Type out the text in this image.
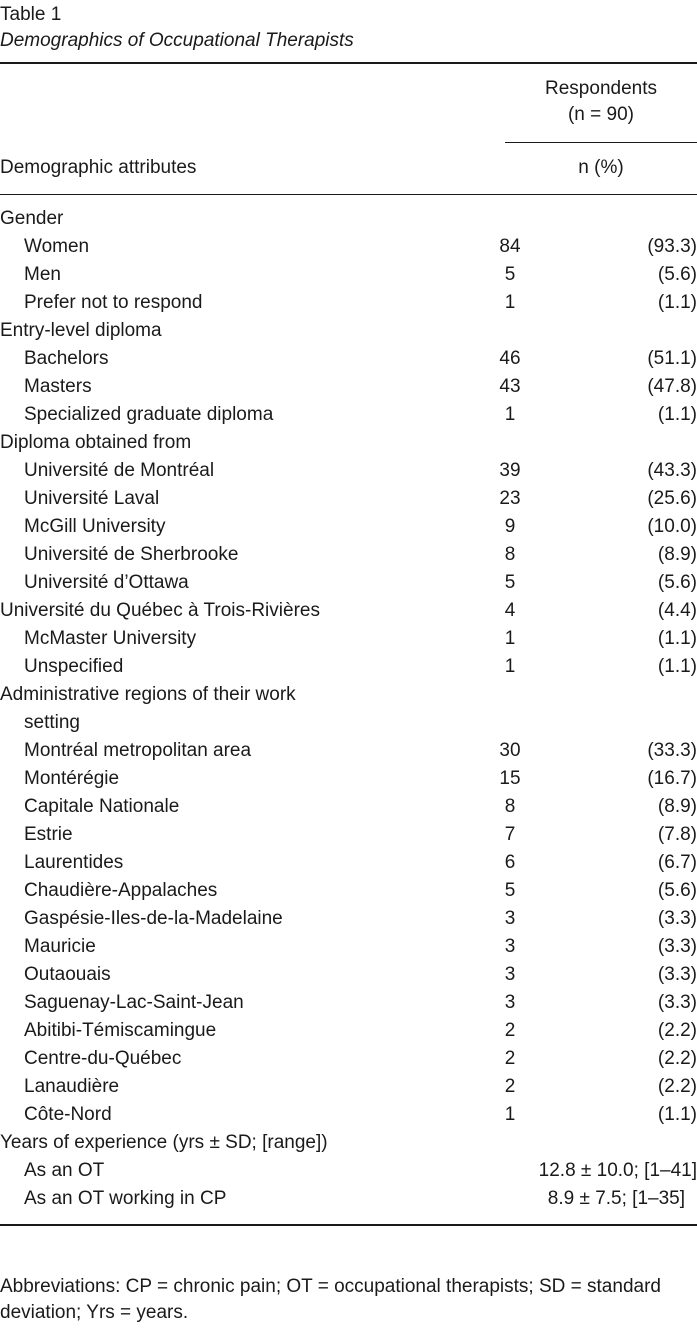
Table 1
Demographics of Occupational Therapists
Respondents
(n = 90)
Demographic attributes	n (%)
Gender
Women	84	(93.3)
Men	5	(5.6)
Prefer not to respond	1	(1.1)
Entry-level diploma
Bachelors	46	(51.1)
Masters	43	(47.8)
Specialized graduate diploma	1	(1.1)
Diploma obtained from
Université de Montréal	39	(43.3)
Université Laval	23	(25.6)
McGill University	9	(10.0)
Université de Sherbrooke	8	(8.9)
Université d’Ottawa	5	(5.6)
Université du Québec à Trois-Rivières	4	(4.4)
McMaster University	1	(1.1)
Unspecified	1	(1.1)
Administrative regions of their work
setting
Montréal metropolitan area	30	(33.3)
Montérégie	15	(16.7)
Capitale Nationale	8	(8.9)
Estrie	7	(7.8)
Laurentides	6	(6.7)
Chaudière-Appalaches	5	(5.6)
Gaspésie-Iles-de-la-Madelaine	3	(3.3)
Mauricie	3	(3.3)
Outaouais	3	(3.3)
Saguenay-Lac-Saint-Jean	3	(3.3)
Abitibi-Témiscamingue	2	(2.2)
Centre-du-Québec	2	(2.2)
Lanaudière	2	(2.2)
Côte-Nord	1	(1.1)
Years of experience (yrs ± SD; [range])
As an OT	12.8 ± 10.0; [1–41]
As an OT working in CP	8.9 ± 7.5; [1–35]
Abbreviations: CP = chronic pain; OT = occupational therapists; SD = standard deviation; Yrs = years.
